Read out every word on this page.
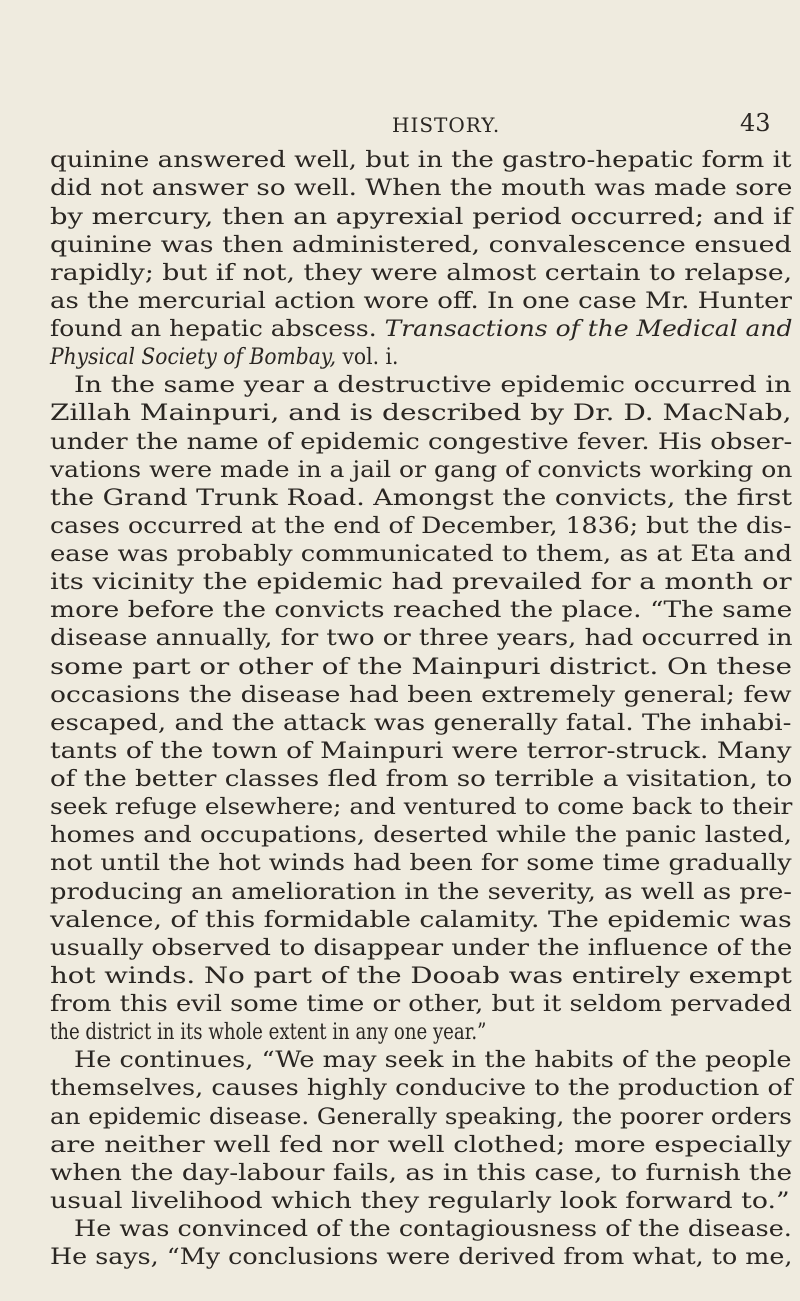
HISTORY.	43
quinine answered well, but in the gastro-hepatic form it
did not answer so well. When the mouth was made sore
by mercury, then an apyrexial period occurred; and if
quinine was then administered, convalescence ensued
rapidly; but if not, they were almost certain to relapse,
as the mercurial action wore off. In one case Mr. Hunter
found an hepatic abscess. Transactions of the Medical and
Physical Society of Bombay, vol. i.
In the same year a destructive epidemic occurred in
Zillah Mainpuri, and is described by Dr. D. MacNab,
under the name of epidemic congestive fever. His obser-
vations were made in a jail or gang of convicts working on
the Grand Trunk Road. Amongst the convicts, the first
cases occurred at the end of December, 1836; but the dis-
ease was probably communicated to them, as at Eta and
its vicinity the epidemic had prevailed for a month or
more before the convicts reached the place. “The same
disease annually, for two or three years, had occurred in
some part or other of the Mainpuri district. On these
occasions the disease had been extremely general; few
escaped, and the attack was generally fatal. The inhabi-
tants of the town of Mainpuri were terror-struck. Many
of the better classes fled from so terrible a visitation, to
seek refuge elsewhere; and ventured to come back to their
homes and occupations, deserted while the panic lasted,
not until the hot winds had been for some time gradually
producing an amelioration in the severity, as well as pre-
valence, of this formidable calamity. The epidemic was
usually observed to disappear under the influence of the
hot winds. No part of the Dooab was entirely exempt
from this evil some time or other, but it seldom pervaded
the district in its whole extent in any one year.”
He continues, “We may seek in the habits of the people
themselves, causes highly conducive to the production of
an epidemic disease. Generally speaking, the poorer orders
are neither well fed nor well clothed; more especially
when the day-labour fails, as in this case, to furnish the
usual livelihood which they regularly look forward to.”
He was convinced of the contagiousness of the disease.
He says, “My conclusions were derived from what, to me,
